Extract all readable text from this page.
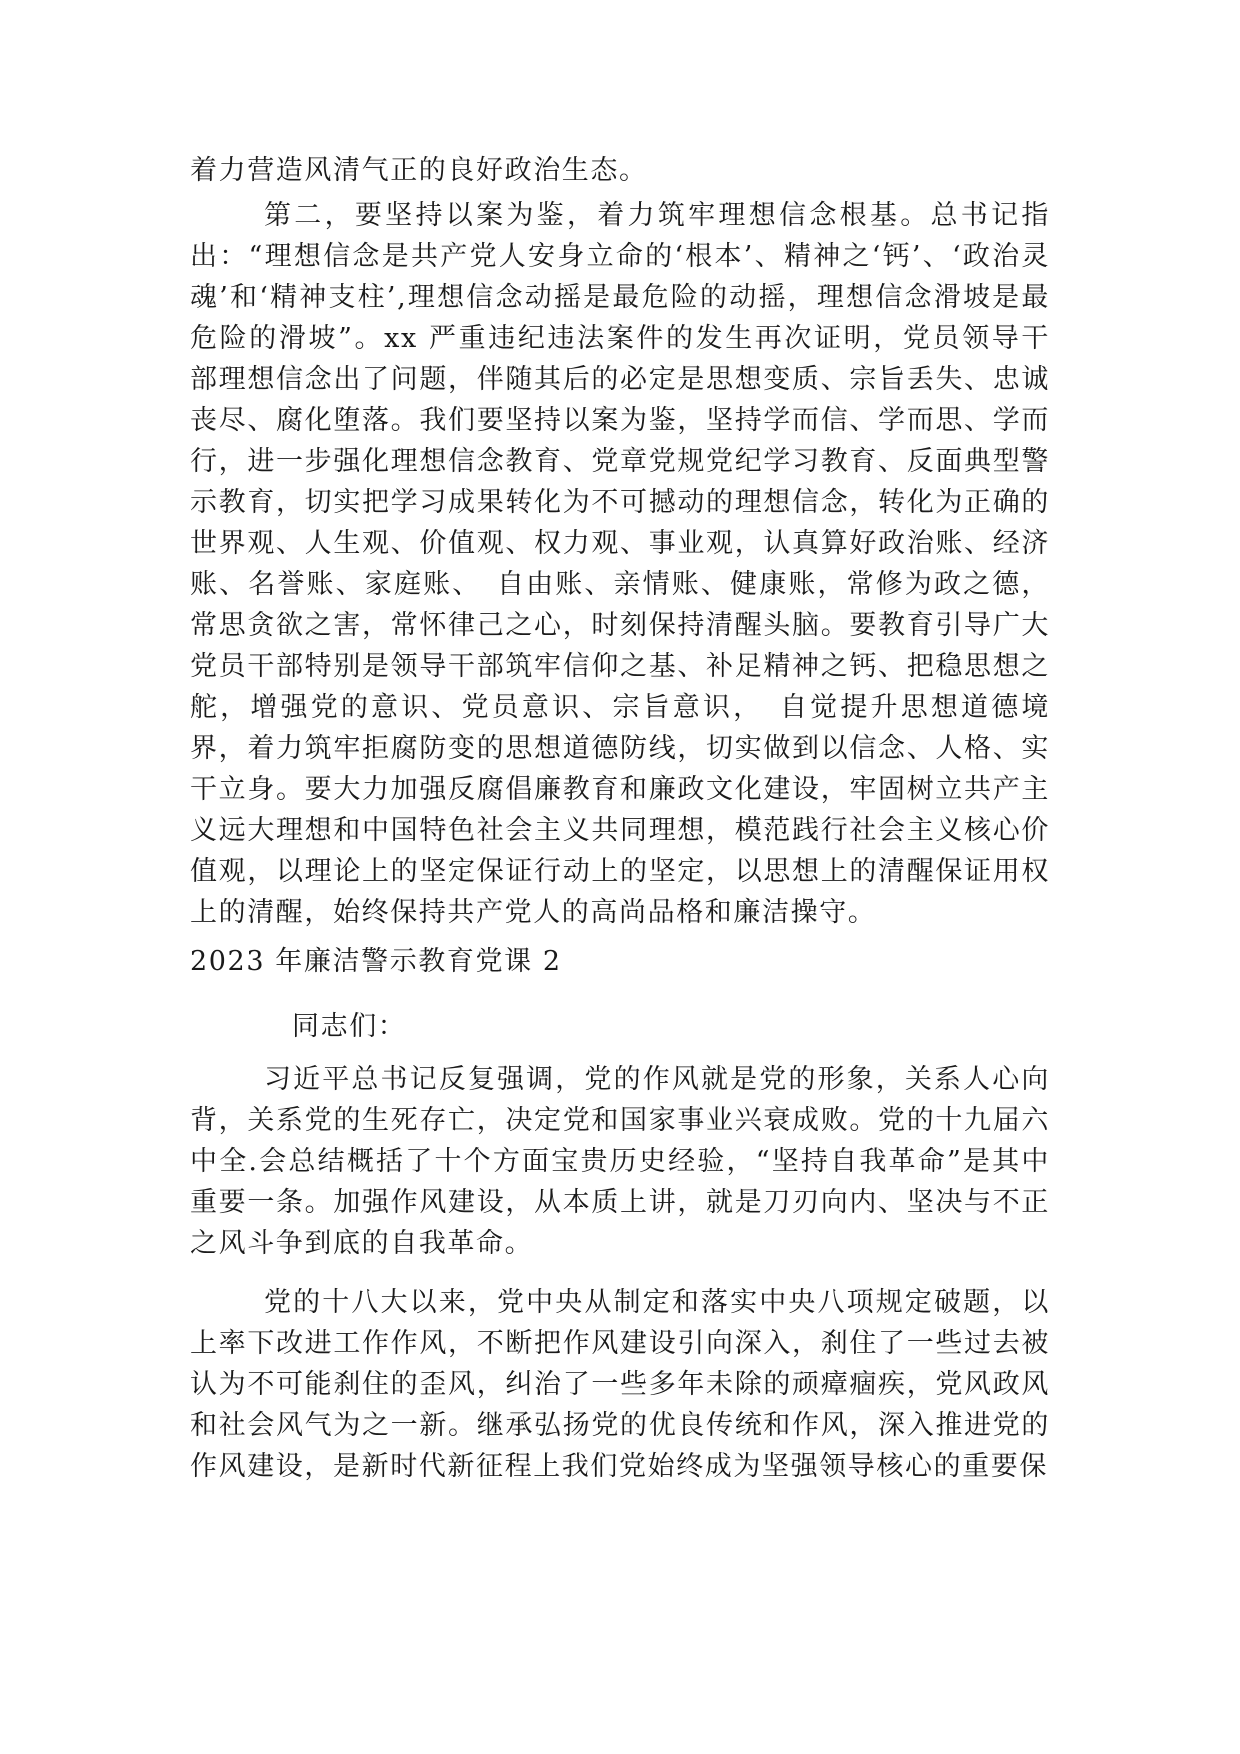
着力营造风清气正的良好政治生态。

第二，要坚持以案为鉴，着力筑牢理想信念根基。总书记指出：“理想信念是共产党人安身立命的‘根本’、精神之‘钙’、‘政治灵魂’和‘精神支柱’,理想信念动摇是最危险的动摇，理想信念滑坡是最危险的滑坡”。xx 严重违纪违法案件的发生再次证明，党员领导干部理想信念出了问题，伴随其后的必定是思想变质、宗旨丢失、忠诚丧尽、腐化堕落。我们要坚持以案为鉴，坚持学而信、学而思、学而行，进一步强化理想信念教育、党章党规党纪学习教育、反面典型警示教育，切实把学习成果转化为不可撼动的理想信念，转化为正确的世界观、人生观、价值观、权力观、事业观，认真算好政治账、经济账、名誉账、家庭账、　自由账、亲情账、健康账，常修为政之德，常思贪欲之害，常怀律己之心，时刻保持清醒头脑。要教育引导广大党员干部特别是领导干部筑牢信仰之基、补足精神之钙、把稳思想之舵，增强党的意识、党员意识、宗旨意识，　自觉提升思想道德境界，着力筑牢拒腐防变的思想道德防线，切实做到以信念、人格、实干立身。要大力加强反腐倡廉教育和廉政文化建设，牢固树立共产主义远大理想和中国特色社会主义共同理想，模范践行社会主义核心价值观，以理论上的坚定保证行动上的坚定，以思想上的清醒保证用权上的清醒，始终保持共产党人的高尚品格和廉洁操守。

2023 年廉洁警示教育党课 2

同志们：

习近平总书记反复强调，党的作风就是党的形象，关系人心向背，关系党的生死存亡，决定党和国家事业兴衰成败。党的十九届六中全.会总结概括了十个方面宝贵历史经验，“坚持自我革命”是其中重要一条。加强作风建设，从本质上讲，就是刀刃向内、坚决与不正之风斗争到底的自我革命。

党的十八大以来，党中央从制定和落实中央八项规定破题，以上率下改进工作作风，不断把作风建设引向深入，刹住了一些过去被认为不可能刹住的歪风，纠治了一些多年未除的顽瘴痼疾，党风政风和社会风气为之一新。继承弘扬党的优良传统和作风，深入推进党的作风建设，是新时代新征程上我们党始终成为坚强领导核心的重要保
